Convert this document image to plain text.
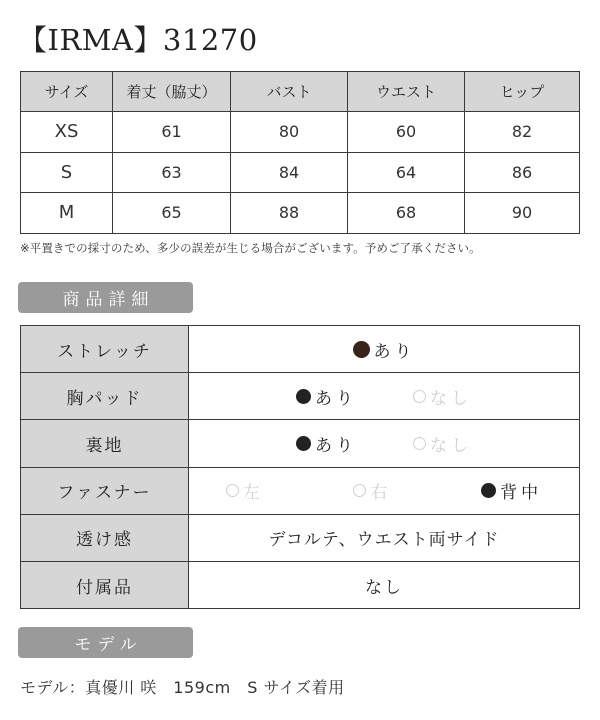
【IRMA】31270
サイズ	着丈（脇丈）	バスト	ウエスト	ヒップ
XS	61	80	60	82
S	63	84	64	86
M	65	88	68	90
※平置きでの採寸のため、多少の誤差が生じる場合がございます。予めご了承ください。
商品詳細
ストレッチ	あり

胸パッド	あり なし

裏地	あり なし

ファスナー	左 右 背中

透け感	デコルテ、ウエスト両サイド
付属品	なし
モデル
モデル：真優川 咲　159cm　S サイズ着用
